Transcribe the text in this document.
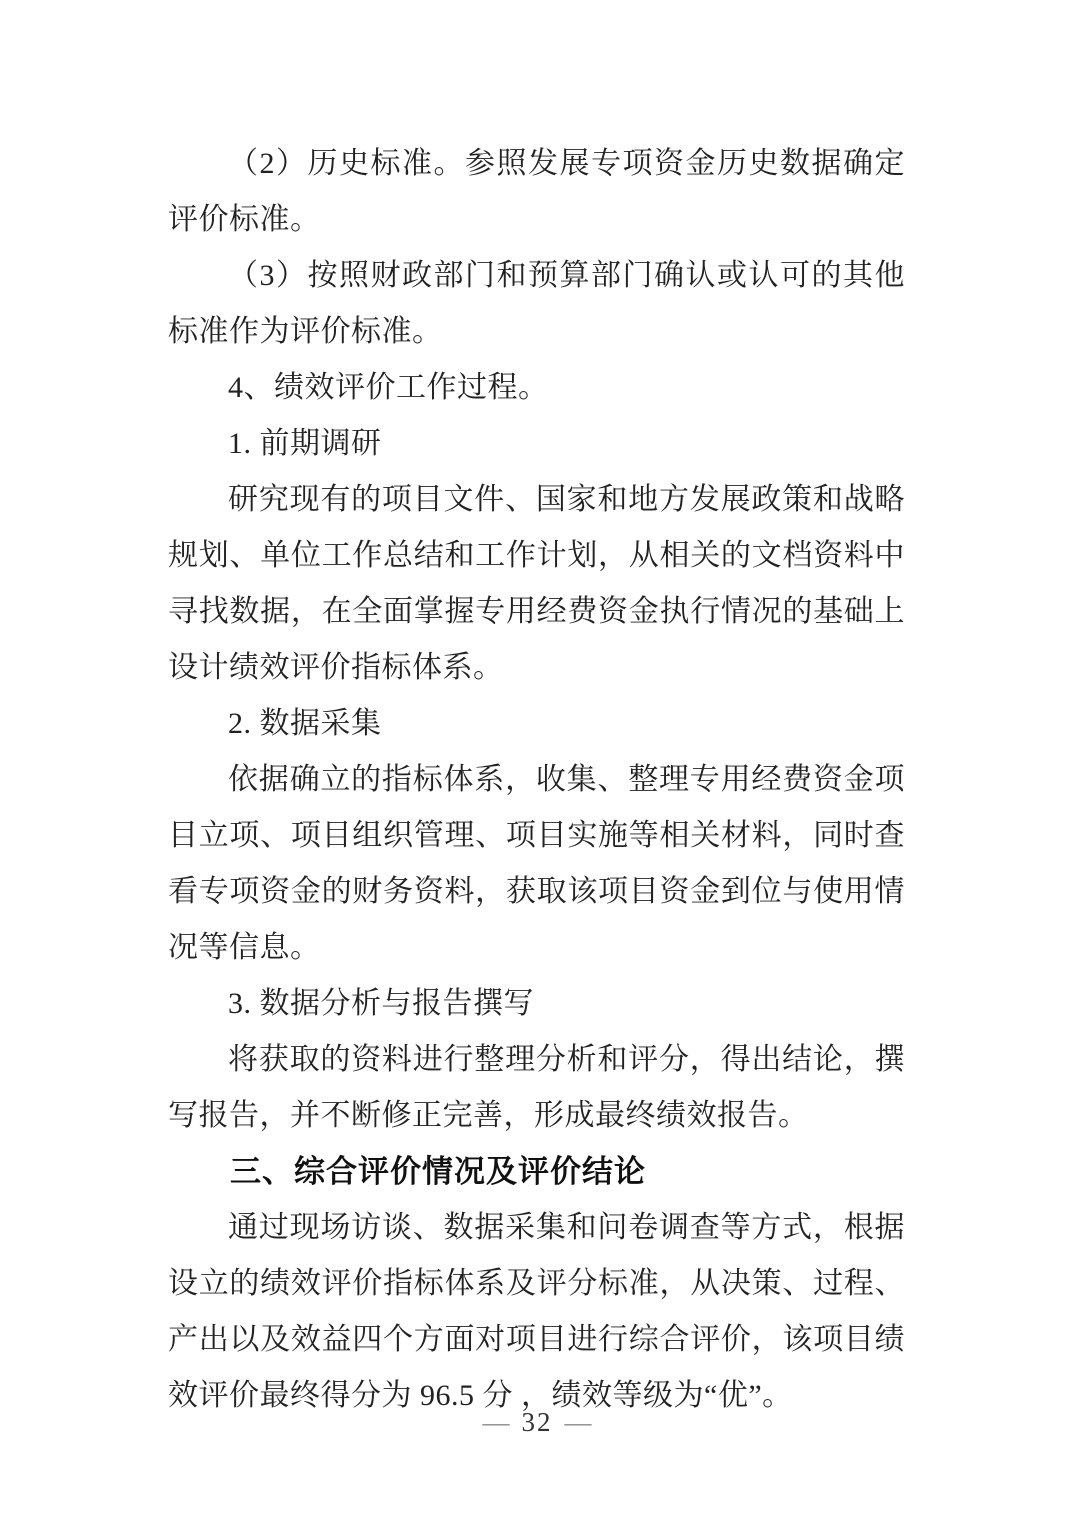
（2）历史标准。参照发展专项资金历史数据确定评价标准。

（3）按照财政部门和预算部门确认或认可的其他标准作为评价标准。

4、绩效评价工作过程。

1. 前期调研

研究现有的项目文件、国家和地方发展政策和战略规划、单位工作总结和工作计划，从相关的文档资料中寻找数据，在全面掌握专用经费资金执行情况的基础上设计绩效评价指标体系。

2. 数据采集

依据确立的指标体系，收集、整理专用经费资金项目立项、项目组织管理、项目实施等相关材料，同时查看专项资金的财务资料，获取该项目资金到位与使用情况等信息。

3. 数据分析与报告撰写

将获取的资料进行整理分析和评分，得出结论，撰写报告，并不断修正完善，形成最终绩效报告。

三、综合评价情况及评价结论

通过现场访谈、数据采集和问卷调查等方式，根据设立的绩效评价指标体系及评分标准，从决策、过程、产出以及效益四个方面对项目进行综合评价，该项目绩效评价最终得分为 96.5 分 ，绩效等级为“优”。

— 32 —
